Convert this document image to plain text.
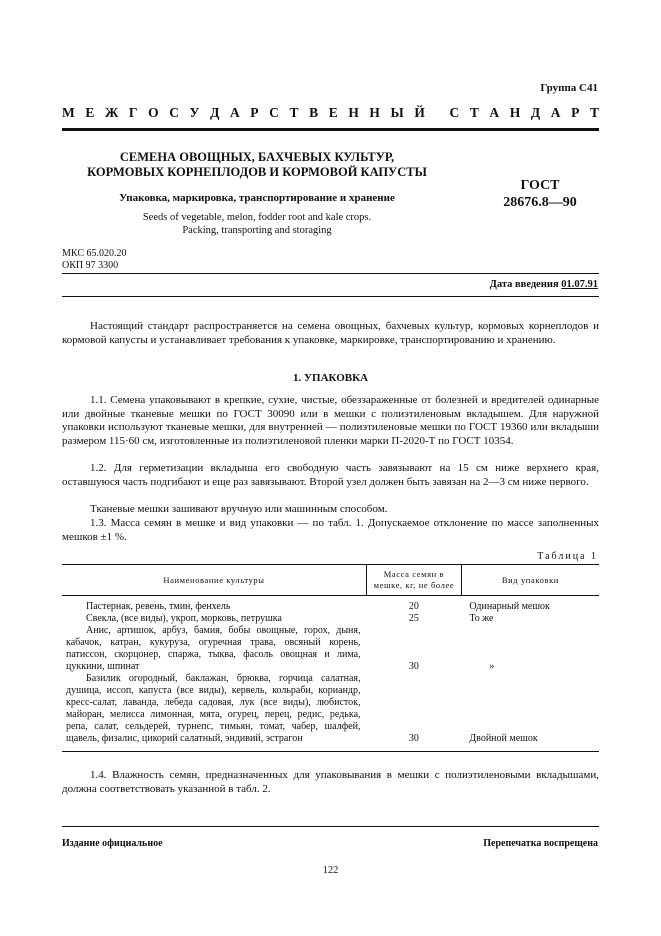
Группа С41
М Е Ж Г О С У Д А Р С Т В Е Н Н Ы Й
С Т А Н Д А Р Т
СЕМЕНА ОВОЩНЫХ, БАХЧЕВЫХ КУЛЬТУР,
КОРМОВЫХ КОРНЕПЛОДОВ И КОРМОВОЙ КАПУСТЫ
Упаковка, маркировка, транспортирование и хранение
Seeds of vegetable, melon, fodder root and kale crops.
Packing, transporting and storaging
ГОСТ
28676.8—90
МКС 65.020.20
ОКП 97 3300
Дата введения 01.07.91
Настоящий стандарт распространяется на семена овощных, бахчевых культур, кормовых корнеплодов и кормовой капусты и устанавливает требования к упаковке, маркировке, транспортированию и хранению.
1. УПАКОВКА
1.1. Семена упаковывают в крепкие, сухие, чистые, обеззараженные от болезней и вредителей одинарные или двойные тканевые мешки по ГОСТ 30090 или в мешки с полиэтиленовым вкладышем. Для наружной упаковки используют тканевые мешки, для внутренней — полиэтиленовые мешки по ГОСТ 19360 или вкладыши размером 115·60 см, изготовленные из полиэтиленовой пленки марки П-2020-Т по ГОСТ 10354.
1.2. Для герметизации вкладыша его свободную часть завязывают на 15 см ниже верхнего края, оставшуюся часть подгибают и еще раз завязывают. Второй узел должен быть завязан на 2—3 см ниже первого.
Тканевые мешки зашивают вручную или машинным способом.
1.3. Масса семян в мешке и вид упаковки — по табл. 1. Допускаемое отклонение по массе заполненных мешков ±1 %.
Таблица 1
Наименование культуры	Масса семян в мешке, кг, не более	Вид упаковки
Пастернак, ревень, тмин, фенхель	20	Одинарный мешок
Свекла, (все виды), укроп, морковь, петрушка	25	То же
Анис, артишок, арбуз, бамия, бобы овощные, горох, дыня, кабачок, катран, кукуруза, огуречная трава, овсяный корень, патиссон, скорцонер, спаржа, тыква, фасоль овощная и лима, цуккини, шпинат	30	»
Базилик огородный, баклажан, брюква, горчица салатная, душица, иссоп, капуста (все виды), кервель, кольраби, кориандр, кресс-салат, лаванда, лебеда садовая, лук (все виды), любисток, майоран, мелисса лимонная, мята, огурец, перец, редис, редька, репа, салат, сельдерей, турнепс, тимьян, томат, чабер, шалфей, щавель, физалис, цикорий салатный, эндивий, эстрагон	30	Двойной мешок
1.4. Влажность семян, предназначенных для упаковывания в мешки с полиэтиленовыми вкладышами, должна соответствовать указанной в табл. 2.
Издание официальное	Перепечатка воспрещена
122
